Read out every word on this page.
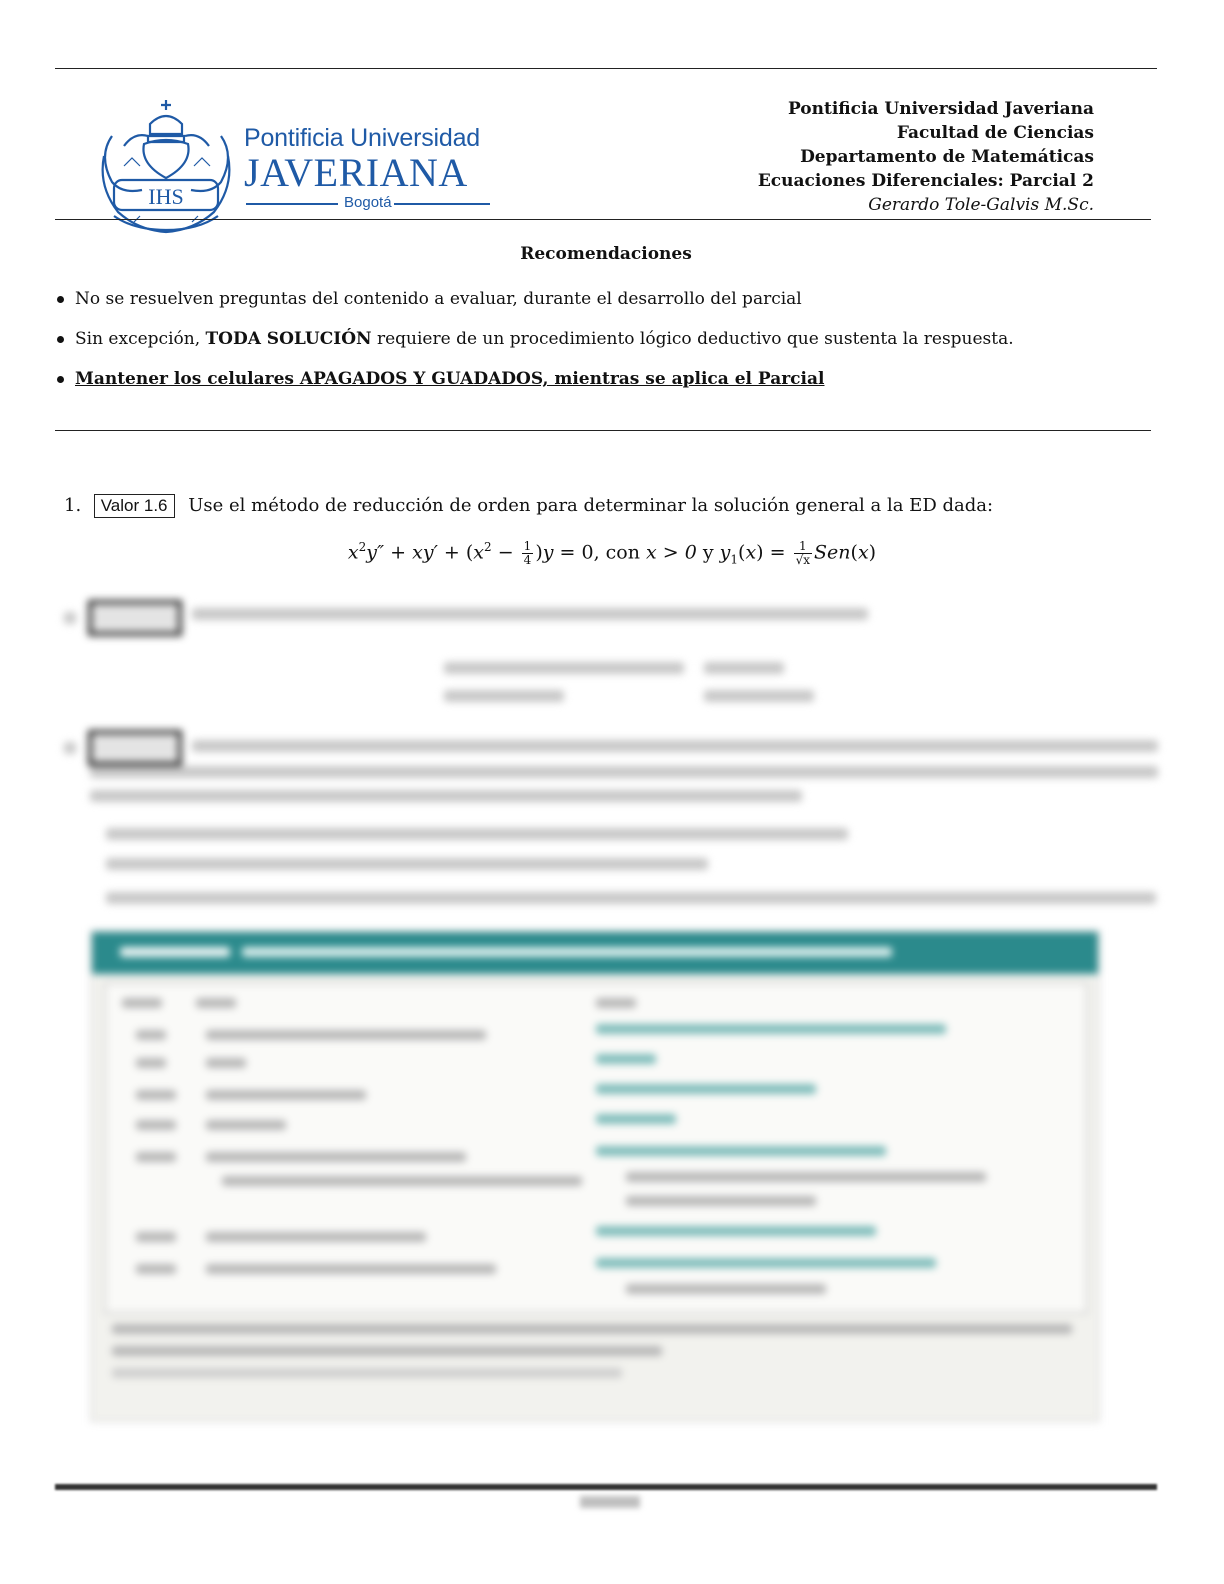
IHS
Pontificia Universidad
JAVERIANA
Bogotá
Pontificia Universidad Javeriana
Facultad de Ciencias
Departamento de Matemáticas
Ecuaciones Diferenciales: Parcial 2
Gerardo Tole-Galvis M.Sc.
Recomendaciones
No se resuelven preguntas del contenido a evaluar, durante el desarrollo del parcial
Sin excepción, TODA SOLUCIÓN requiere de un procedimiento lógico deductivo que sustenta la respuesta.
Mantener los celulares APAGADOS Y GUADADOS, mientras se aplica el Parcial
1. Valor 1.6 Use el método de reducción de orden para determinar la solución general a la ED dada:
$x^2y'' + xy' + (x^2 - \frac{1}{4} )y = 0$, con x > 0 y $y_1(x) = \frac{1}{√x} Sen(x)$
